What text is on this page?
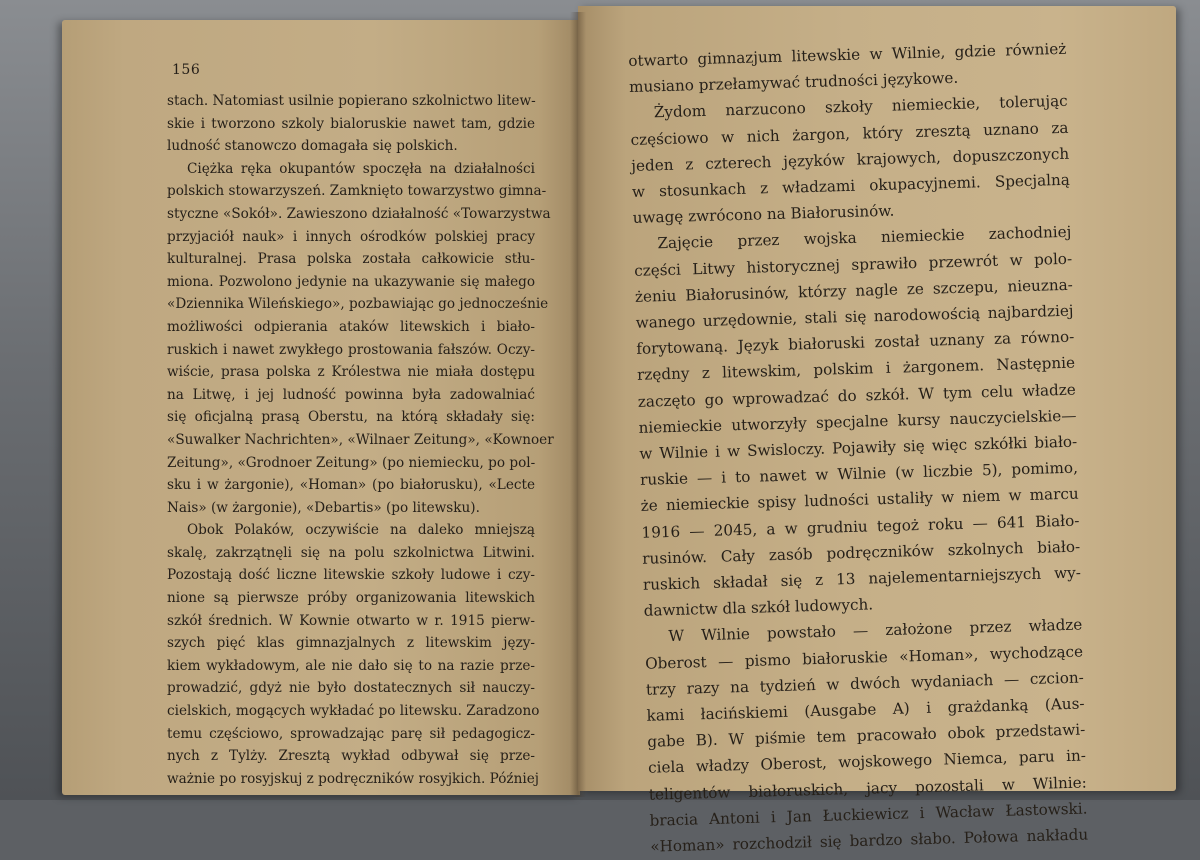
156
stach. Natomiast usilnie popierano szkolnictwo litew-
skie i tworzono szkoly bialoruskie nawet tam, gdzie
ludność stanowczo domagała się polskich.
Ciężka ręka okupantów spoczęła na działalności
polskich stowarzyszeń. Zamknięto towarzystwo gimna-
styczne «Sokół». Zawieszono działalność «Towarzystwa
przyjaciół nauk» i innych ośrodków polskiej pracy
kulturalnej. Prasa polska została całkowicie stłu-
miona. Pozwolono jedynie na ukazywanie się małego
«Dziennika Wileńskiego», pozbawiając go jednocześnie
możliwości odpierania ataków litewskich i biało-
ruskich i nawet zwykłego prostowania fałszów. Oczy-
wiście, prasa polska z Królestwa nie miała dostępu
na Litwę, i jej ludność powinna była zadowalniać
się oficjalną prasą Oberstu, na którą składały się:
«Suwalker Nachrichten», «Wilnaer Zeitung», «Kownoer
Zeitung», «Grodnoer Zeitung» (po niemiecku, po pol-
sku i w żargonie), «Homan» (po białorusku), «Lecte
Nais» (w żargonie), «Debartis» (po litewsku).
Obok Polaków, oczywiście na daleko mniejszą
skalę, zakrzątnęli się na polu szkolnictwa Litwini.
Pozostają dość liczne litewskie szkoły ludowe i czy-
nione są pierwsze próby organizowania litewskich
szkół średnich. W Kownie otwarto w r. 1915 pierw-
szych pięć klas gimnazjalnych z litewskim języ-
kiem wykładowym, ale nie dało się to na razie prze-
prowadzić, gdyż nie było dostatecznych sił nauczy-
cielskich, mogących wykładać po litewsku. Zaradzono
temu częściowo, sprowadzając parę sił pedagogicz-
nych z Tylży. Zresztą wykład odbywał się prze-
ważnie po rosyjskuj z podręczników rosyjkich. Później
otwarto gimnazjum litewskie w Wilnie, gdzie również
musiano przełamywać trudności językowe.
Żydom narzucono szkoły niemieckie, tolerując
częściowo w nich żargon, który zresztą uznano za
jeden z czterech języków krajowych, dopuszczonych
w stosunkach z władzami okupacyjnemi. Specjalną
uwagę zwrócono na Białorusinów.
Zajęcie przez wojska niemieckie zachodniej
części Litwy historycznej sprawiło przewrót w polo-
żeniu Białorusinów, którzy nagle ze szczepu, nieuzna-
wanego urzędownie, stali się narodowością najbardziej
forytowaną. Język białoruski został uznany za równo-
rzędny z litewskim, polskim i żargonem. Następnie
zaczęto go wprowadzać do szkół. W tym celu władze
niemieckie utworzyły specjalne kursy nauczycielskie—
w Wilnie i w Swisloczy. Pojawiły się więc szkółki biało-
ruskie — i to nawet w Wilnie (w liczbie 5), pomimo,
że niemieckie spisy ludności ustaliły w niem w marcu
1916 — 2045, a w grudniu tegoż roku — 641 Biało-
rusinów. Cały zasób podręczników szkolnych biało-
ruskich składał się z 13 najelementarniejszych wy-
dawnictw dla szkół ludowych.
W Wilnie powstało — założone przez władze
Oberost — pismo białoruskie «Homan», wychodzące
trzy razy na tydzień w dwóch wydaniach — czcion-
kami łacińskiemi (Ausgabe A) i grażdanką (Aus-
gabe B). W piśmie tem pracowało obok przedstawi-
ciela władzy Oberost, wojskowego Niemca, paru in-
teligentów białoruskich, jacy pozostali w Wilnie:
bracia Antoni i Jan Łuckiewicz i Wacław Łastowski.
«Homan» rozchodził się bardzo słabo. Połowa nakładu
